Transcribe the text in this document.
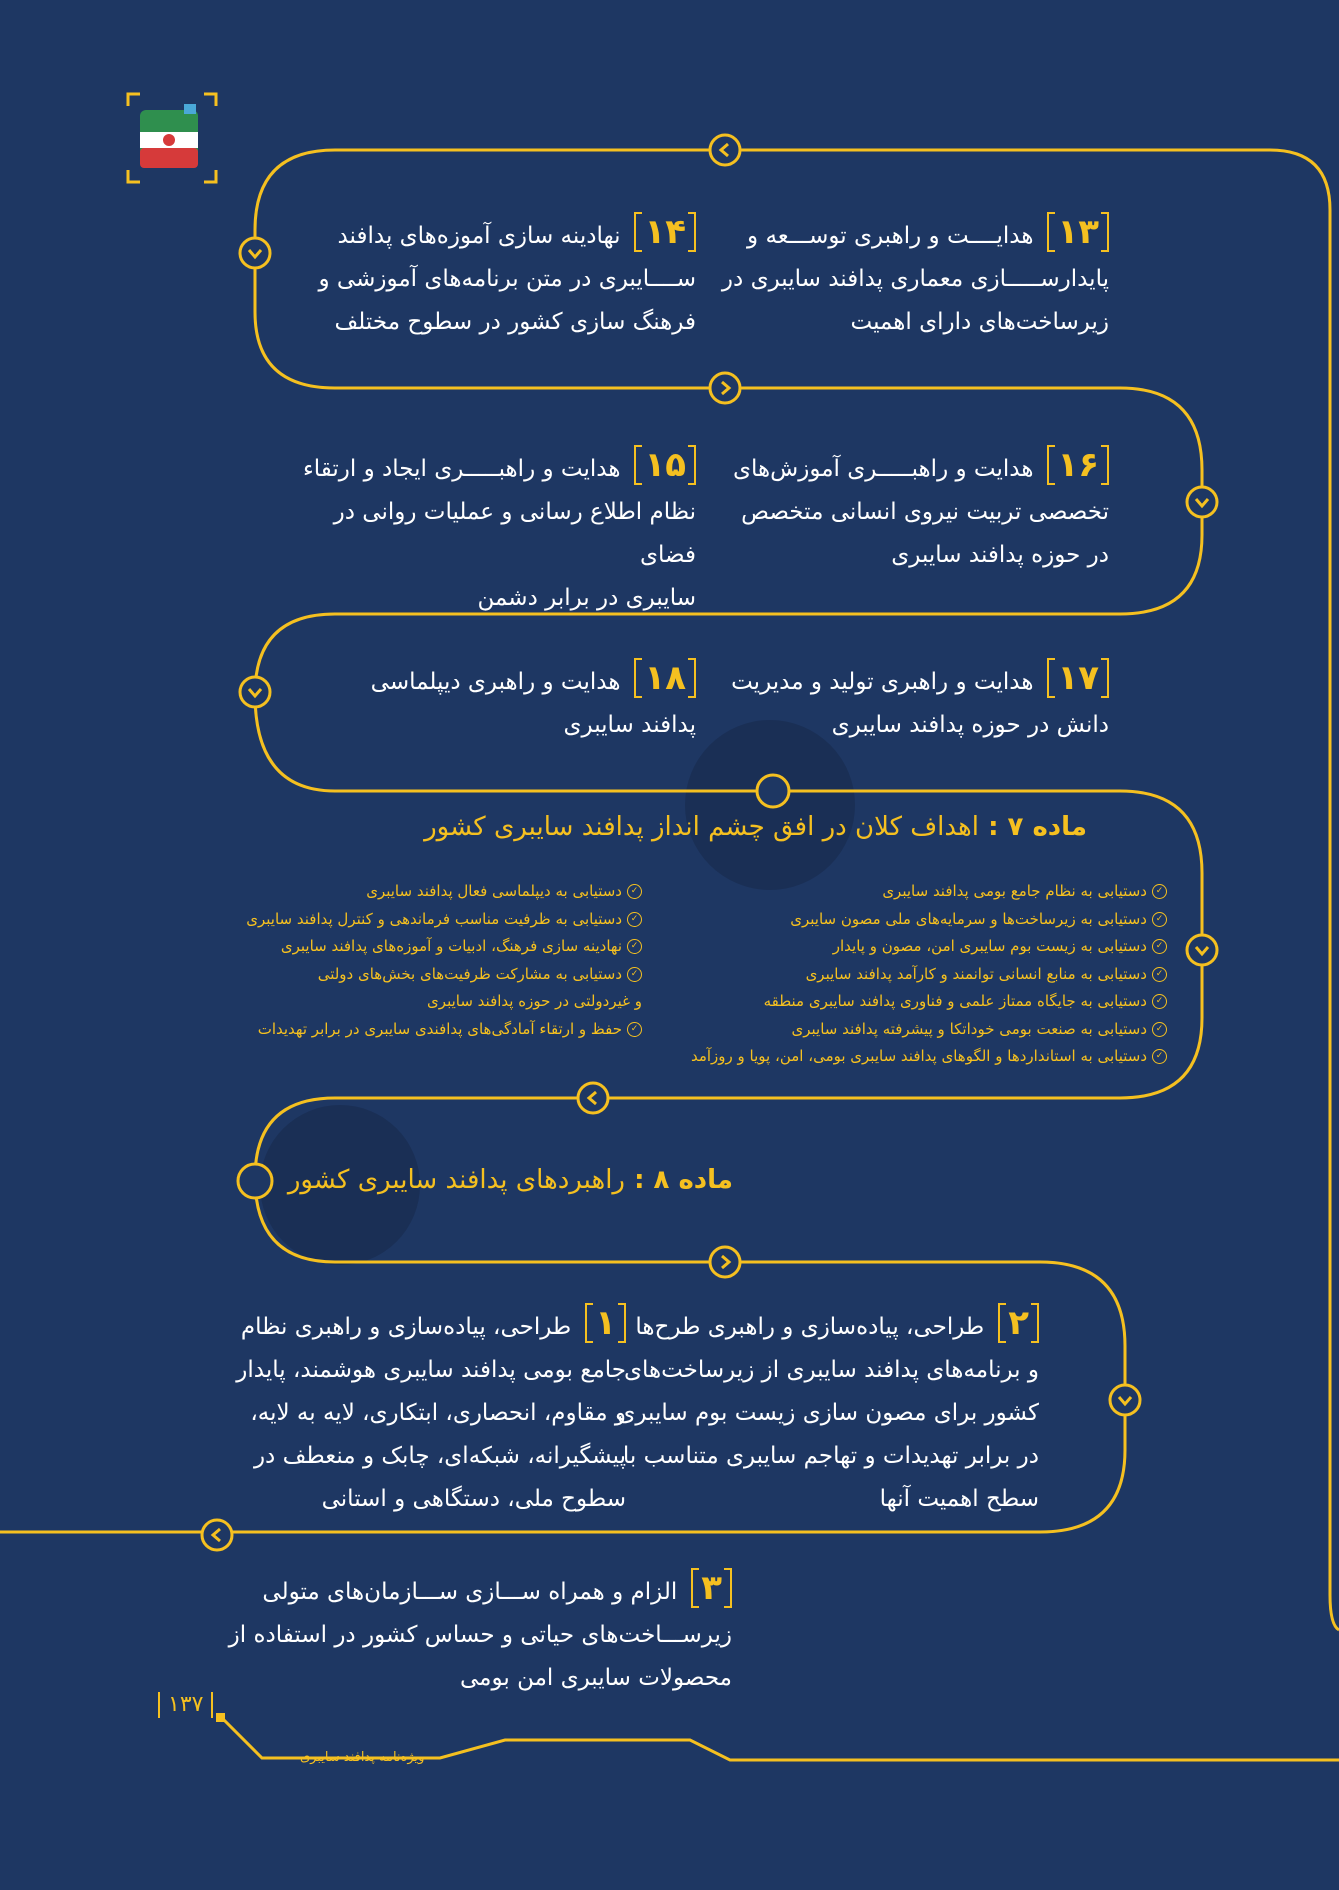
۱۳هدایــــت و راهبری توســـعه و
پایدارســـــازی معماری پدافند سایبری در
زیرساخت‌های دارای اهمیت
۱۴نهادینه سازی آموزه‌های پدافند
ســــایبری در متن برنامه‌های آموزشی و
فرهنگ سازی کشور در سطوح مختلف
۱۶هدایت و راهبـــــری آموزش‌های
تخصصی تربیت نیروی انسانی متخصص
در حوزه پدافند سایبری
۱۵هدایت و راهبـــــری ایجاد و ارتقاء
نظام اطلاع رسانی و عملیات روانی در فضای
سایبری در برابر دشمن
۱۷هدایت و راهبری تولید و مدیریت
دانش در حوزه پدافند سایبری
۱۸هدایت و راهبری دیپلماسی
پدافند سایبری
ماده ۷ : اهداف کلان در افق چشم انداز پدافند سایبری کشور
✓دستیابی به نظام جامع بومی پدافند سایبری
✓دستیابی به زیرساخت‌ها و سرمایه‌های ملی مصون سایبری
✓دستیابی به زیست بوم سایبری امن، مصون و پایدار
✓دستیابی به منابع انسانی توانمند و کارآمد پدافند سایبری
✓دستیابی به جایگاه ممتاز علمی و فناوری پدافند سایبری منطقه
✓دستیابی به صنعت بومی خوداتکا و پیشرفته پدافند سایبری
✓دستیابی به استانداردها و الگوهای پدافند سایبری بومی، امن، پویا و روزآمد
✓دستیابی به دیپلماسی فعال پدافند سایبری
✓دستیابی به ظرفیت مناسب فرماندهی و کنترل پدافند سایبری
✓نهادینه سازی فرهنگ، ادبیات و آموزه‌های پدافند سایبری
✓دستیابی به مشارکت ظرفیت‌های بخش‌های دولتی
و غیردولتی در حوزه پدافند سایبری
✓حفظ و ارتقاء آمادگی‌های پدافندی سایبری در برابر تهدیدات
ماده ۸ : راهبردهای پدافند سایبری کشور
۲طراحی، پیاده‌سازی و راهبری طرح‌ها
و برنامه‌های پدافند سایبری از زیرساخت‌های
کشور برای مصون سازی زیست بوم سایبری
در برابر تهدیدات و تهاجم سایبری متناسب با
سطح اهمیت آنها
۱طراحی، پیاده‌سازی و راهبری نظام
جامع بومی پدافند سایبری هوشمند، پایدار
و مقاوم، انحصاری، ابتکاری، لایه به لایه،
پیشگیرانه، شبکه‌ای، چابک و منعطف در
سطوح ملی، دستگاهی و استانی
۳الزام و همراه ســـازی ســـازمان‌های متولی
زیرســـاخت‌های حیاتی و حساس کشور در استفاده از
محصولات سایبری امن بومی
۱۳۷
ویژه‌نامه پدافند سایبری
